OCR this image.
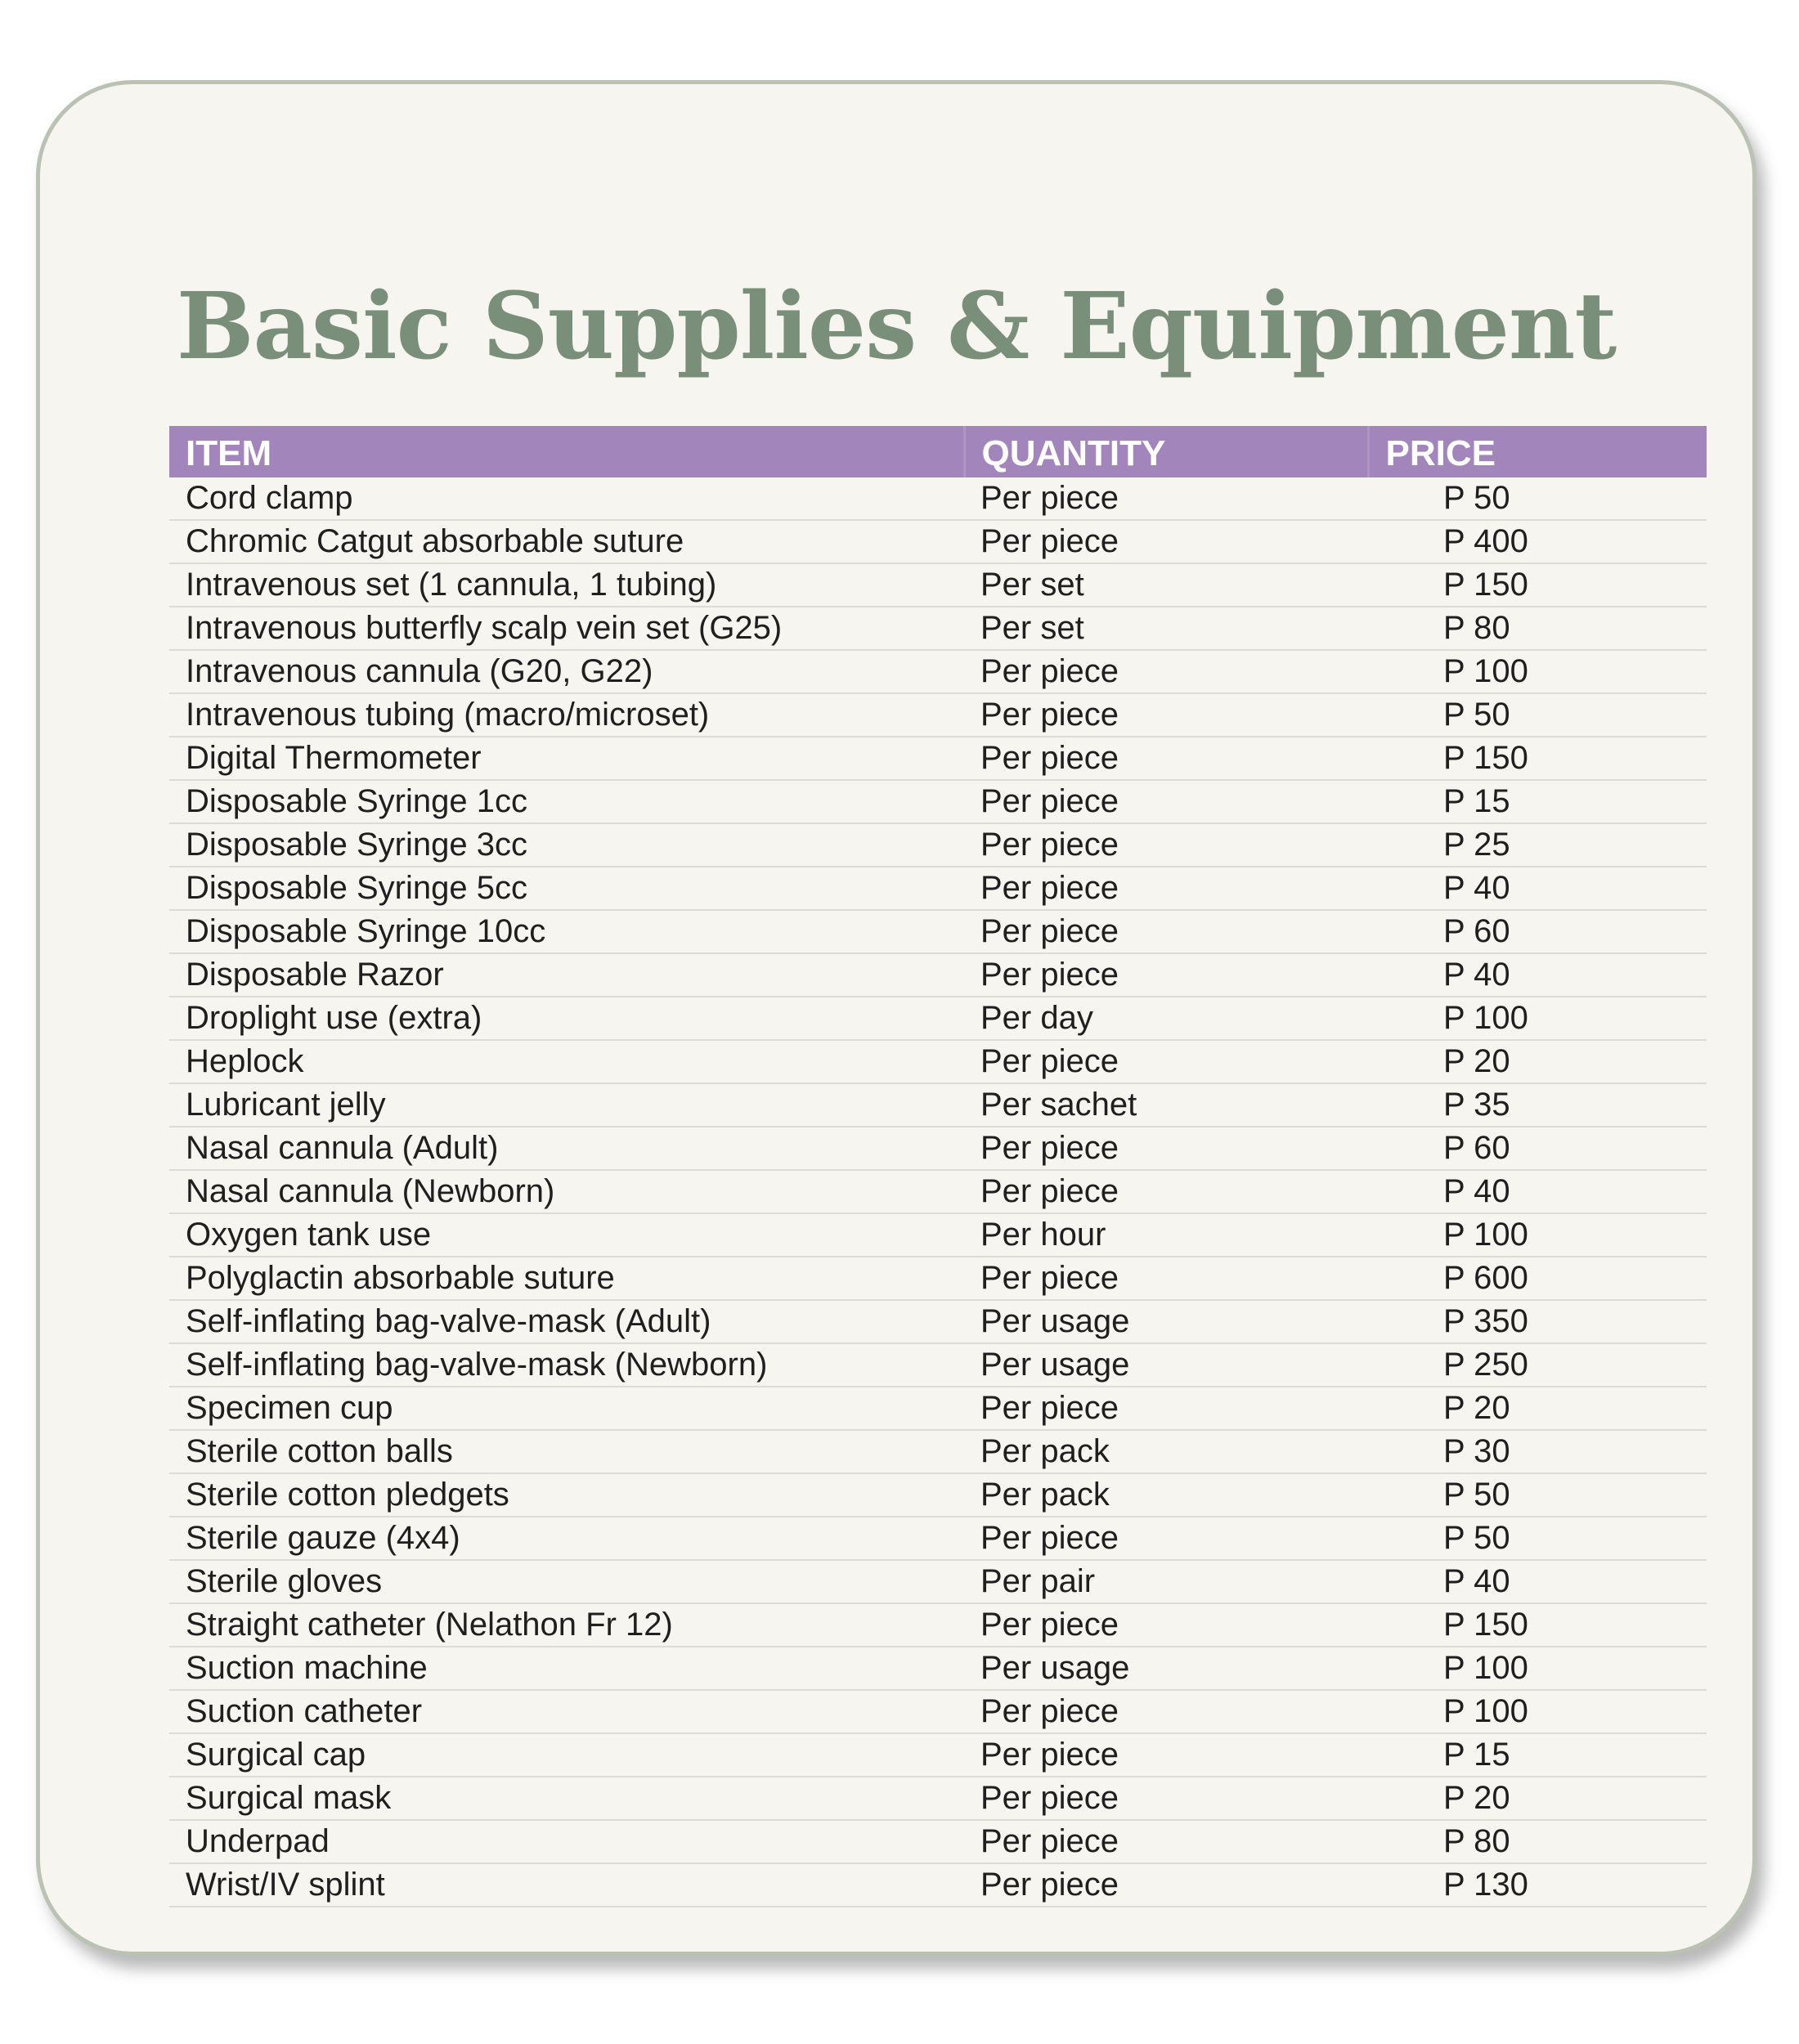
Basic Supplies & Equipment
ITEM	QUANTITY	PRICE
Cord clamp	Per piece	P 50
Chromic Catgut absorbable suture	Per piece	P 400
Intravenous set (1 cannula, 1 tubing)	Per set	P 150
Intravenous butterfly scalp vein set (G25)	Per set	P 80
Intravenous cannula (G20, G22)	Per piece	P 100
Intravenous tubing (macro/microset)	Per piece	P 50
Digital Thermometer	Per piece	P 150
Disposable Syringe 1cc	Per piece	P 15
Disposable Syringe 3cc	Per piece	P 25
Disposable Syringe 5cc	Per piece	P 40
Disposable Syringe 10cc	Per piece	P 60
Disposable Razor	Per piece	P 40
Droplight use (extra)	Per day	P 100
Heplock	Per piece	P 20
Lubricant jelly	Per sachet	P 35
Nasal cannula (Adult)	Per piece	P 60
Nasal cannula (Newborn)	Per piece	P 40
Oxygen tank use	Per hour	P 100
Polyglactin absorbable suture	Per piece	P 600
Self-inflating bag-valve-mask (Adult)	Per usage	P 350
Self-inflating bag-valve-mask (Newborn)	Per usage	P 250
Specimen cup	Per piece	P 20
Sterile cotton balls	Per pack	P 30
Sterile cotton pledgets	Per pack	P 50
Sterile gauze (4x4)	Per piece	P 50
Sterile gloves	Per pair	P 40
Straight catheter (Nelathon Fr 12)	Per piece	P 150
Suction machine	Per usage	P 100
Suction catheter	Per piece	P 100
Surgical cap	Per piece	P 15
Surgical mask	Per piece	P 20
Underpad	Per piece	P 80
Wrist/IV splint	Per piece	P 130
